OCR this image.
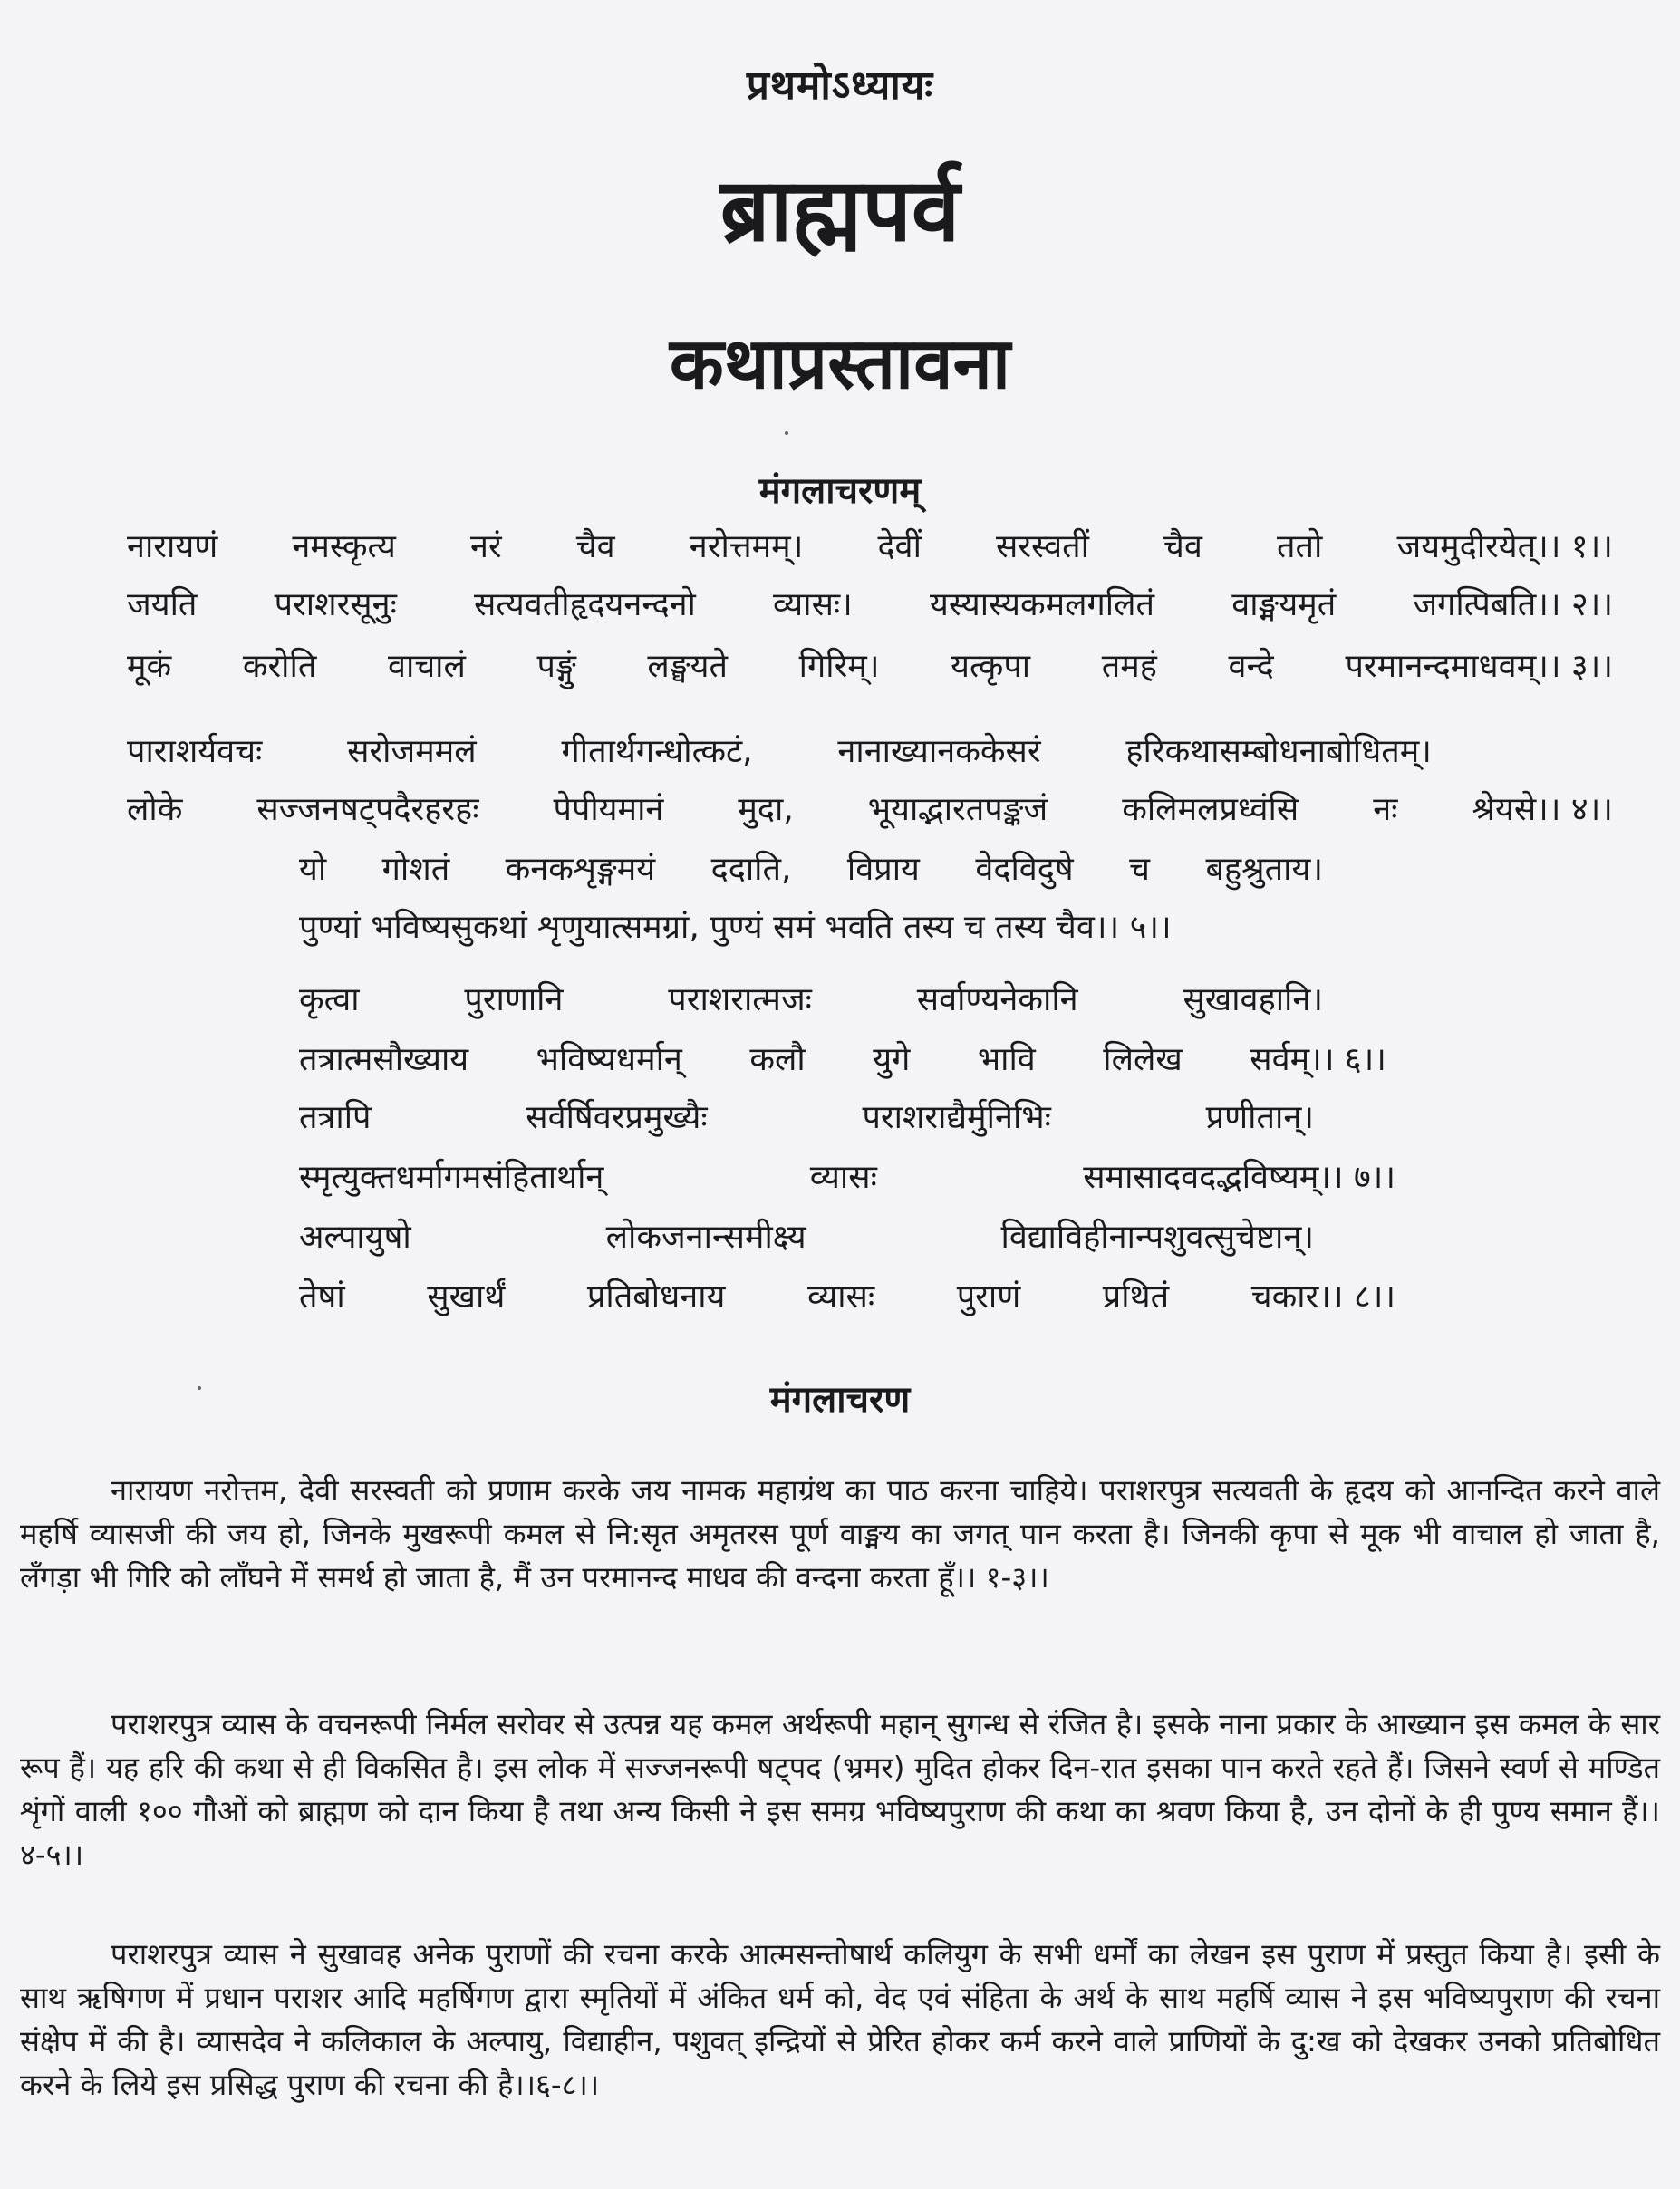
प्रथमोऽध्यायः
ब्राह्मपर्व
कथाप्रस्तावना
मंगलाचरणम्
नारायणं नमस्कृत्य नरं चैव नरोत्तमम्। देवीं सरस्वतीं चैव ततो जयमुदीरयेत्।। १।।
जयति पराशरसूनुः सत्यवतीहृदयनन्दनो व्यासः। यस्यास्यकमलगलितं वाङ्मयमृतं जगत्पिबति।। २।।
मूकं करोति वाचालं पङ्गुं लङ्घयते गिरिम्। यत्कृपा तमहं वन्दे परमानन्दमाधवम्।। ३।।
पाराशर्यवचः	सरोजममलं	गीतार्थगन्धोत्कटं,	नानाख्यानककेसरं	हरिकथासम्बोधनाबोधितम्।
लोके सज्जनषट्पदैरहरहः पेपीयमानं मुदा, भूयाद्भारतपङ्कजं कलिमलप्रध्वंसि नः श्रेयसे।। ४।।
यो गोशतं कनकशृङ्गमयं ददाति, विप्राय वेदविदुषे च बहुश्रुताय।
पुण्यां भविष्यसुकथां शृणुयात्समग्रां, पुण्यं समं भवति तस्य च तस्य चैव।। ५।।
कृत्वा	पुराणानि	पराशरात्मजः	सर्वाण्यनेकानि	सुखावहानि।
तत्रात्मसौख्याय भविष्यधर्मान् कलौ युगे भावि लिलेख सर्वम्।। ६।।
तत्रापि	सर्वर्षिवरप्रमुख्यैः	पराशराद्यैर्मुनिभिः	प्रणीतान्।
स्मृत्युक्तधर्मागमसंहितार्थान्	व्यासः	समासादवदद्भविष्यम्।। ७।।
अल्पायुषो	लोकजनान्समीक्ष्य	विद्याविहीनान्पशुवत्सुचेष्टान्।
तेषां	सुखार्थं	प्रतिबोधनाय	व्यासः	पुराणं	प्रथितं	चकार।। ८।।
मंगलाचरण

नारायण नरोत्तम, देवी सरस्वती को प्रणाम करके जय नामक महाग्रंथ का पाठ करना चाहिये। पराशरपुत्र सत्यवती के हृदय को आनन्दित करने वाले महर्षि व्यासजी की जय हो, जिनके मुखरूपी कमल से नि:सृत अमृतरस पूर्ण वाङ्मय का जगत् पान करता है। जिनकी कृपा से मूक भी वाचाल हो जाता है, लँगड़ा भी गिरि को लाँघने में समर्थ हो जाता है, मैं उन परमानन्द माधव की वन्दना करता हूँ।। १-३।।

पराशरपुत्र व्यास के वचनरूपी निर्मल सरोवर से उत्पन्न यह कमल अर्थरूपी महान् सुगन्ध से रंजित है। इसके नाना प्रकार के आख्यान इस कमल के सार रूप हैं। यह हरि की कथा से ही विकसित है। इस लोक में सज्जनरूपी षट्पद (भ्रमर) मुदित होकर दिन-रात इसका पान करते रहते हैं। जिसने स्वर्ण से मण्डित शृंगों वाली १०० गौओं को ब्राह्मण को दान किया है तथा अन्य किसी ने इस समग्र भविष्यपुराण की कथा का श्रवण किया है, उन दोनों के ही पुण्य समान हैं।। ४-५।।

पराशरपुत्र व्यास ने सुखावह अनेक पुराणों की रचना करके आत्मसन्तोषार्थ कलियुग के सभी धर्मों का लेखन इस पुराण में प्रस्तुत किया है। इसी के साथ ऋषिगण में प्रधान पराशर आदि महर्षिगण द्वारा स्मृतियों में अंकित धर्म को, वेद एवं संहिता के अर्थ के साथ महर्षि व्यास ने इस भविष्यपुराण की रचना संक्षेप में की है। व्यासदेव ने कलिकाल के अल्पायु, विद्याहीन, पशुवत् इन्द्रियों से प्रेरित होकर कर्म करने वाले प्राणियों के दु:ख को देखकर उनको प्रतिबोधित करने के लिये इस प्रसिद्ध पुराण की रचना की है।।६-८।।
